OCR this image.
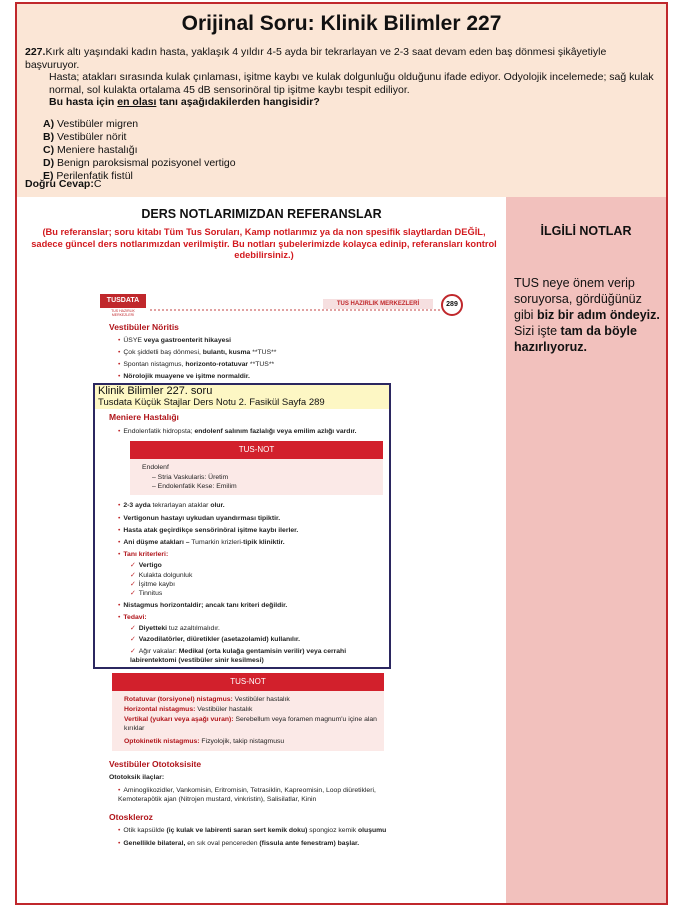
Orijinal Soru: Klinik Bilimler 227
227.Kırk altı yaşındaki kadın hasta, yaklaşık 4 yıldır 4-5 ayda bir tekrarlayan ve 2-3 saat devam eden baş dönmesi şikâyetiyle başvuruyor.
Hasta; atakları sırasında kulak çınlaması, işitme kaybı ve kulak dolgunluğu olduğunu ifade ediyor. Odyolojik incelemede; sağ kulak
normal, sol kulakta ortalama 45 dB sensorinöral tip işitme kaybı tespit ediliyor.
Bu hasta için en olası tanı aşağıdakilerden hangisidir?
A) Vestibüler migren
B) Vestibüler nörit
C) Meniere hastalığı
D) Benign paroksismal pozisyonel vertigo
E) Perilenfatik fistül
Doğru Cevap:C
DERS NOTLARIMIZDAN REFERANSLAR
(Bu referanslar; soru kitabı Tüm Tus Soruları, Kamp notlarımız ya da non spesifik slaytlardan DEĞİL, sadece güncel ders notlarımızdan verilmiştir. Bu notları şubelerimizde kolayca edinip, referansları kontrol edebilirsiniz.)
İLGİLİ NOTLAR
TUS neye önem verip soruyorsa, gördüğünüz gibi biz bir adım öndeyiz. Sizi işte tam da böyle hazırlıyoruz.
TUSDATA
TUS HAZIRLIK MERKEZLERİ
TUS HAZIRLIK MERKEZLERİ	289
Vestibüler Nöritis
• ÜSYE veya gastroenterit hikayesi
• Çok şiddetli baş dönmesi, bulantı, kusma **TUS**
• Spontan nistagmus, horizonto-rotatuvar **TUS**
• Nörolojik muayene ve işitme normaldir.
Klinik Bilimler 227. soru
Tusdata Küçük Stajlar Ders Notu 2. Fasikül Sayfa 289
Meniere Hastalığı
• Endolenfatik hidropsta; endolenf salınım fazlalığı veya emilim azlığı vardır.
TUS-NOT
Endolenf
– Stria Vaskularis: Üretim
– Endolenfatik Kese: Emilim
• 2-3 ayda tekrarlayan ataklar olur.
• Vertigonun hastayı uykudan uyandırması tipiktir.
• Hasta atak geçirdikçe sensörinöral işitme kaybı ilerler.
• Ani düşme atakları – Tumarkin krizleri-tipik kliniktir.
• Tanı kriterleri:
✓ Vertigo
✓ Kulakta dolgunluk
✓ İşitme kaybı
✓ Tinnitus
• Nistagmus horizontaldir; ancak tanı kriteri değildir.
• Tedavi:
✓ Diyetteki tuz azaltılmalıdır.
✓ Vazodilatörler, diüretikler (asetazolamid) kullanılır.
✓ Ağır vakalar: Medikal (orta kulağa gentamisin verilir) veya cerrahi labirentektomi (vestibüler sinir kesilmesi)
TUS-NOT
Rotatuvar (torsiyonel) nistagmus: Vestibüler hastalık
Horizontal nistagmus: Vestibüler hastalık
Vertikal (yukarı veya aşağı vuran): Serebellum veya foramen magnum'u içine alan kırıklar
Optokinetik nistagmus: Fizyolojik, takip nistagmusu
Vestibüler Ototoksisite
Ototoksik ilaçlar:
• Aminoglikozidler, Vankomisin, Eritromisin, Tetrasiklin, Kapreomisin, Loop diüretikleri, Kemoterapötik ajan (Nitrojen mustard, vinkristin), Salisilatlar, Kinin
Otoskleroz
• Otik kapsülde (iç kulak ve labirenti saran sert kemik doku) spongioz kemik oluşumu
• Genellikle bilateral, en sık oval pencereden (fissula ante fenestram) başlar.
